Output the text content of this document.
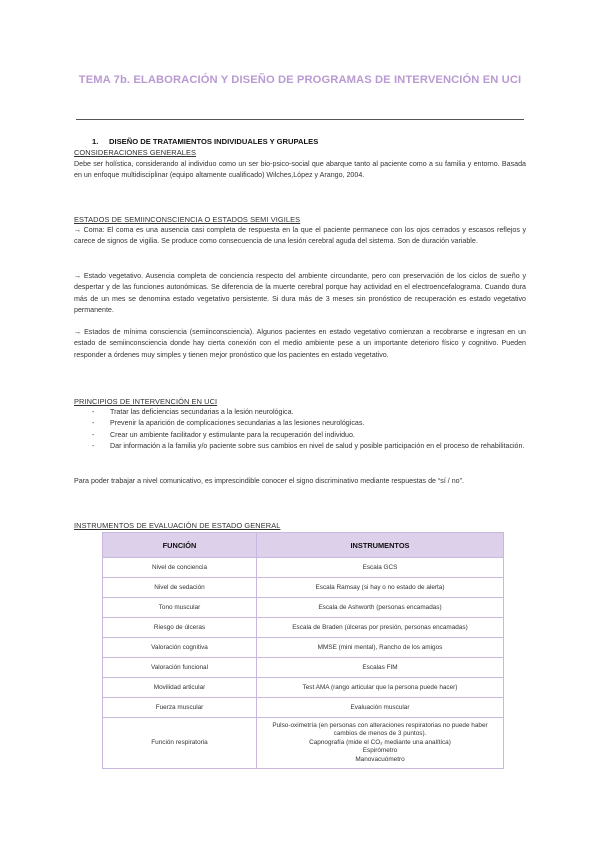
TEMA 7b. ELABORACIÓN Y DISEÑO DE PROGRAMAS DE INTERVENCIÓN EN UCI
1. DISEÑO DE TRATAMIENTOS INDIVIDUALES Y GRUPALES
CONSIDERACIONES GENERALES
Debe ser holística, considerando al individuo como un ser bio-psico-social que abarque tanto al paciente como a su familia y entorno. Basada en un enfoque multidisciplinar (equipo altamente cualificado) Wilches,López y Arango, 2004.
ESTADOS DE SEMIINCONSCIENCIA O ESTADOS SEMI VIGILES
→ Coma: El coma es una ausencia casi completa de respuesta en la que el paciente permanece con los ojos cerrados y escasos reflejos y carece de signos de vigilia. Se produce como consecuencia de una lesión cerebral aguda del sistema. Son de duración variable.
→ Estado vegetativo. Ausencia completa de conciencia respecto del ambiente circundante, pero con preservación de los ciclos de sueño y despertar y de las funciones autonómicas. Se diferencia de la muerte cerebral porque hay actividad en el electroencefalograma. Cuando dura más de un mes se denomina estado vegetativo persistente. Si dura más de 3 meses sin pronóstico de recuperación es estado vegetativo permanente.
→ Estados de mínima consciencia (semiinconsciencia). Algunos pacientes en estado vegetativo comienzan a recobrarse e ingresan en un estado de semiinconsciencia donde hay cierta conexión con el medio ambiente pese a un importante deterioro físico y cognitivo. Pueden responder a órdenes muy simples y tienen mejor pronóstico que los pacientes en estado vegetativo.
PRINCIPIOS DE INTERVENCIÓN EN UCI
- Tratar las deficiencias secundarias a la lesión neurológica.
- Prevenir la aparición de complicaciones secundarias a las lesiones neurológicas.
- Crear un ambiente facilitador y estimulante para la recuperación del individuo.
- Dar información a la familia y/o paciente sobre sus cambios en nivel de salud y posible participación en el proceso de rehabilitación.
Para poder trabajar a nivel comunicativo, es imprescindible conocer el signo discriminativo mediante respuestas de “sí / no”.
INSTRUMENTOS DE EVALUACIÓN DE ESTADO GENERAL
FUNCIÓN	INSTRUMENTOS
Nivel de conciencia	Escala GCS
Nivel de sedación	Escala Ramsay (si hay o no estado de alerta)
Tono muscular	Escala de Ashworth (personas encamadas)
Riesgo de úlceras	Escala de Braden (úlceras por presión, personas encamadas)
Valoración cognitiva	MMSE (mini mental), Rancho de los amigos
Valoración funcional	Escalas FIM
Movilidad articular	Test AMA (rango articular que la persona puede hacer)
Fuerza muscular	Evaluación muscular
Función respiratoria	Pulso-oximetría (en personas con alteraciones respiratorias no puede haber cambios de menos de 3 puntos).
Capnografía (mide el CO₂ mediante una analítica)
Espirómetro
Manovacuómetro
